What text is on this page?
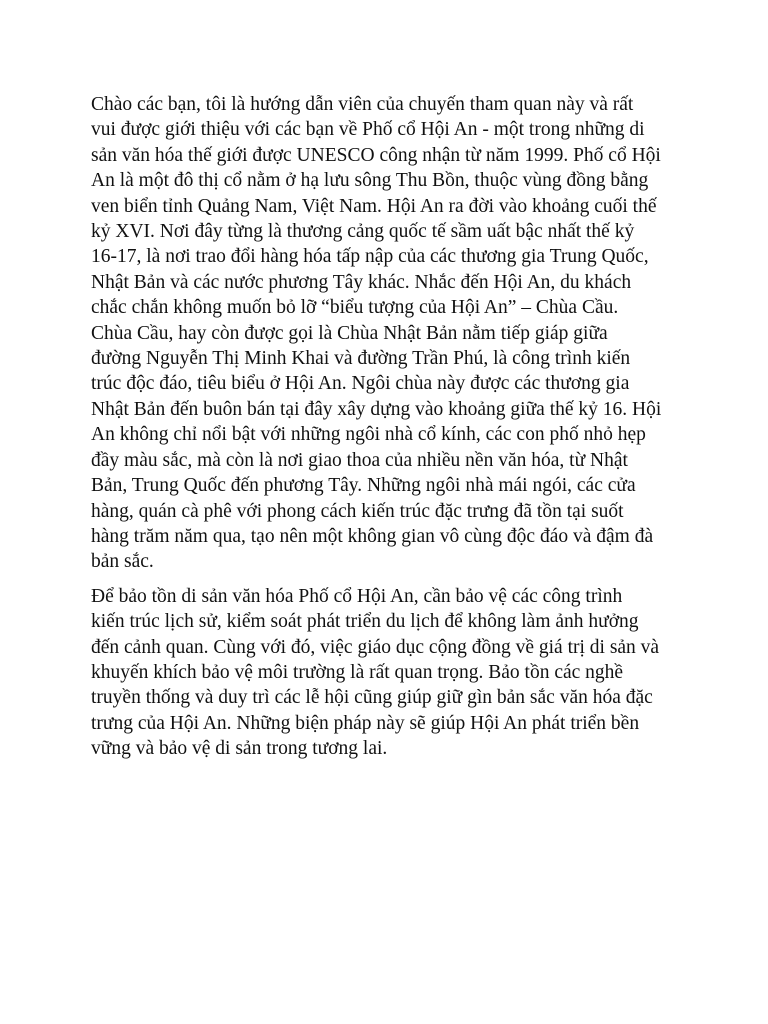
Chào các bạn, tôi là hướng dẫn viên của chuyến tham quan này và rất
vui được giới thiệu với các bạn về Phố cổ Hội An - một trong những di
sản văn hóa thế giới được UNESCO công nhận từ năm 1999. Phố cổ Hội
An là một đô thị cổ nằm ở hạ lưu sông Thu Bồn, thuộc vùng đồng bằng
ven biển tỉnh Quảng Nam, Việt Nam. Hội An ra đời vào khoảng cuối thế
kỷ XVI. Nơi đây từng là thương cảng quốc tế sầm uất bậc nhất thế kỷ
16-17, là nơi trao đổi hàng hóa tấp nập của các thương gia Trung Quốc,
Nhật Bản và các nước phương Tây khác. Nhắc đến Hội An, du khách
chắc chắn không muốn bỏ lỡ “biểu tượng của Hội An” – Chùa Cầu.
Chùa Cầu, hay còn được gọi là Chùa Nhật Bản nằm tiếp giáp giữa
đường Nguyễn Thị Minh Khai và đường Trần Phú, là công trình kiến
trúc độc đáo, tiêu biểu ở Hội An. Ngôi chùa này được các thương gia
Nhật Bản đến buôn bán tại đây xây dựng vào khoảng giữa thế kỷ 16. Hội
An không chỉ nổi bật với những ngôi nhà cổ kính, các con phố nhỏ hẹp
đầy màu sắc, mà còn là nơi giao thoa của nhiều nền văn hóa, từ Nhật
Bản, Trung Quốc đến phương Tây. Những ngôi nhà mái ngói, các cửa
hàng, quán cà phê với phong cách kiến trúc đặc trưng đã tồn tại suốt
hàng trăm năm qua, tạo nên một không gian vô cùng độc đáo và đậm đà
bản sắc.

Để bảo tồn di sản văn hóa Phố cổ Hội An, cần bảo vệ các công trình
kiến trúc lịch sử, kiểm soát phát triển du lịch để không làm ảnh hưởng
đến cảnh quan. Cùng với đó, việc giáo dục cộng đồng về giá trị di sản và
khuyến khích bảo vệ môi trường là rất quan trọng. Bảo tồn các nghề
truyền thống và duy trì các lễ hội cũng giúp giữ gìn bản sắc văn hóa đặc
trưng của Hội An. Những biện pháp này sẽ giúp Hội An phát triển bền
vững và bảo vệ di sản trong tương lai.
